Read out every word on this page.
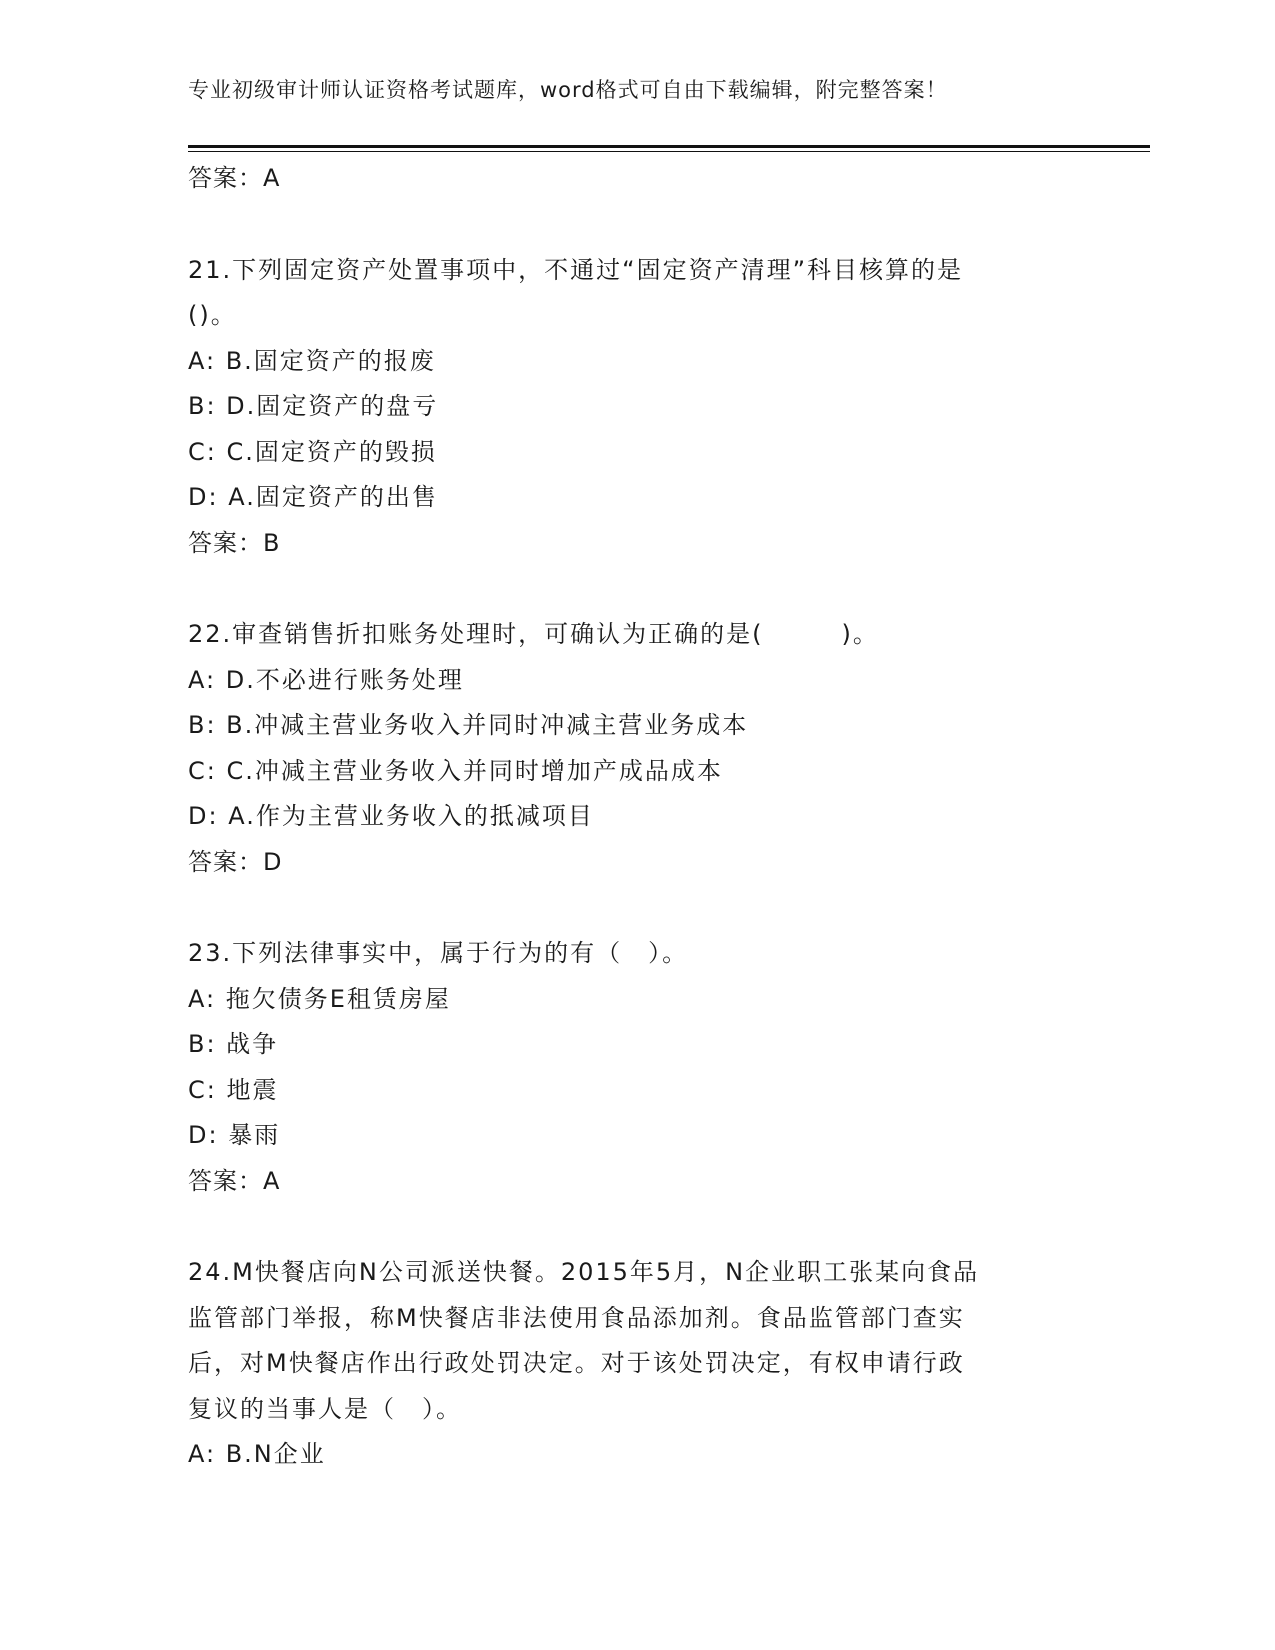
专业初级审计师认证资格考试题库，word格式可自由下载编辑，附完整答案！

答案：A

21.下列固定资产处置事项中，不通过“固定资产清理”科目核算的是

()。

A: B.固定资产的报废

B: D.固定资产的盘亏

C: C.固定资产的毁损

D: A.固定资产的出售

答案：B

22.审查销售折扣账务处理时，可确认为正确的是(　　　)。

A: D.不必进行账务处理

B: B.冲减主营业务收入并同时冲减主营业务成本

C: C.冲减主营业务收入并同时增加产成品成本

D: A.作为主营业务收入的抵减项目

答案：D

23.下列法律事实中，属于行为的有（　）。

A: 拖欠债务E租赁房屋

B: 战争

C: 地震

D: 暴雨

答案：A

24.M快餐店向N公司派送快餐。2015年5月，N企业职工张某向食品

监管部门举报，称M快餐店非法使用食品添加剂。食品监管部门查实

后，对M快餐店作出行政处罚决定。对于该处罚决定，有权申请行政

复议的当事人是（　）。

A: B.N企业
